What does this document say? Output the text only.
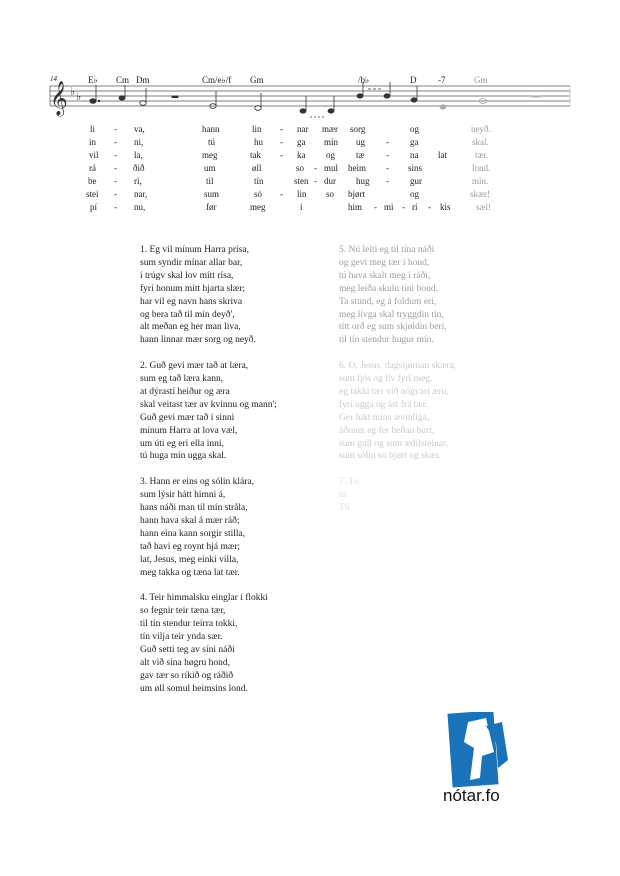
14	E♭ Cm Dm	Cm/e♭/f Gm	/b♭	D -7	Gm
𝄞 ♭ ♭
li - va,	hann	lin - nar mær sorg	og	neyð.
in - ni,	tú	hu - ga mín ug - ga	skal.
vil - la,	meg	tak - ka og tæ - na lat	tær.
rá - ðið	um	øll	so - mul heim - sins	lond.
be - ri,	til	tín	sten - dur hug - gur	mín.
stei - nar,	sum	só - lin so bjørt	og	skær!
pí - nu,	før	meg	í	him - mi - rí - kis	sæl!

1. Eg vil mínum Harra prísa,

sum syndir mínar allar bar,

í trúgv skal lov mítt rísa,

fyri honum mítt hjarta slær;

har vil eg navn hans skriva

og bera tað til mín deyð',

alt meðan eg her man liva,

hann linnar mær sorg og neyð.

2. Guð gevi mær tað at læra,

sum eg tað læra kann,

at dýrasti heiður og æra

skal veitast tær av kvinnu og mann';

Guð gevi mær tað í sinni

mínum Harra at lova væl,

um úti eg eri ella inni,

tú huga mín ugga skal.

3. Hann er eins og sólin klára,

sum lýsir hátt himni á,

hans náði man til mín stråla,

hann hava skal á mær ráð;

hann eina kann sorgir stilla,

tað havi eg roynt hjá mær;

lat, Jesus, meg einki villa,

meg takka og tæna lat tær.

4. Teir himmalsku einglar í flokki

so fegnir teir tæna tær,

til tín stendur teirra tokki,

tín vilja teir ynda sær.

Guð setti teg av síni náði

alt við sína høgru hond,

gav tær so ríkið og ráðið

um øll somul heimsins lond.

5. Nú leiti eg til tína náði

og gevi meg tær í hond,

tú hava skalt meg í ráði,

meg leiða skulu tíni bond.

Ta stund, eg á foldum eri,

meg lívga skal tryggdin tín,

títt orð eg sum skjøldin beri,

til tín stendur hugur mín.

6. O, Jesus, dagstjørnan skæra,

sum ljós og lív fyri meg,

eg takki tær við nógvari æru,

fyri ugga og ást frá tær.

Ger lukt mína ævinliga,

áðrenn eg fer heðan burt,

sum gull og sum ædilsteinar,

sum sólin so bjørt og skær.

7. Tú

tú

Tú

nótar.fo
